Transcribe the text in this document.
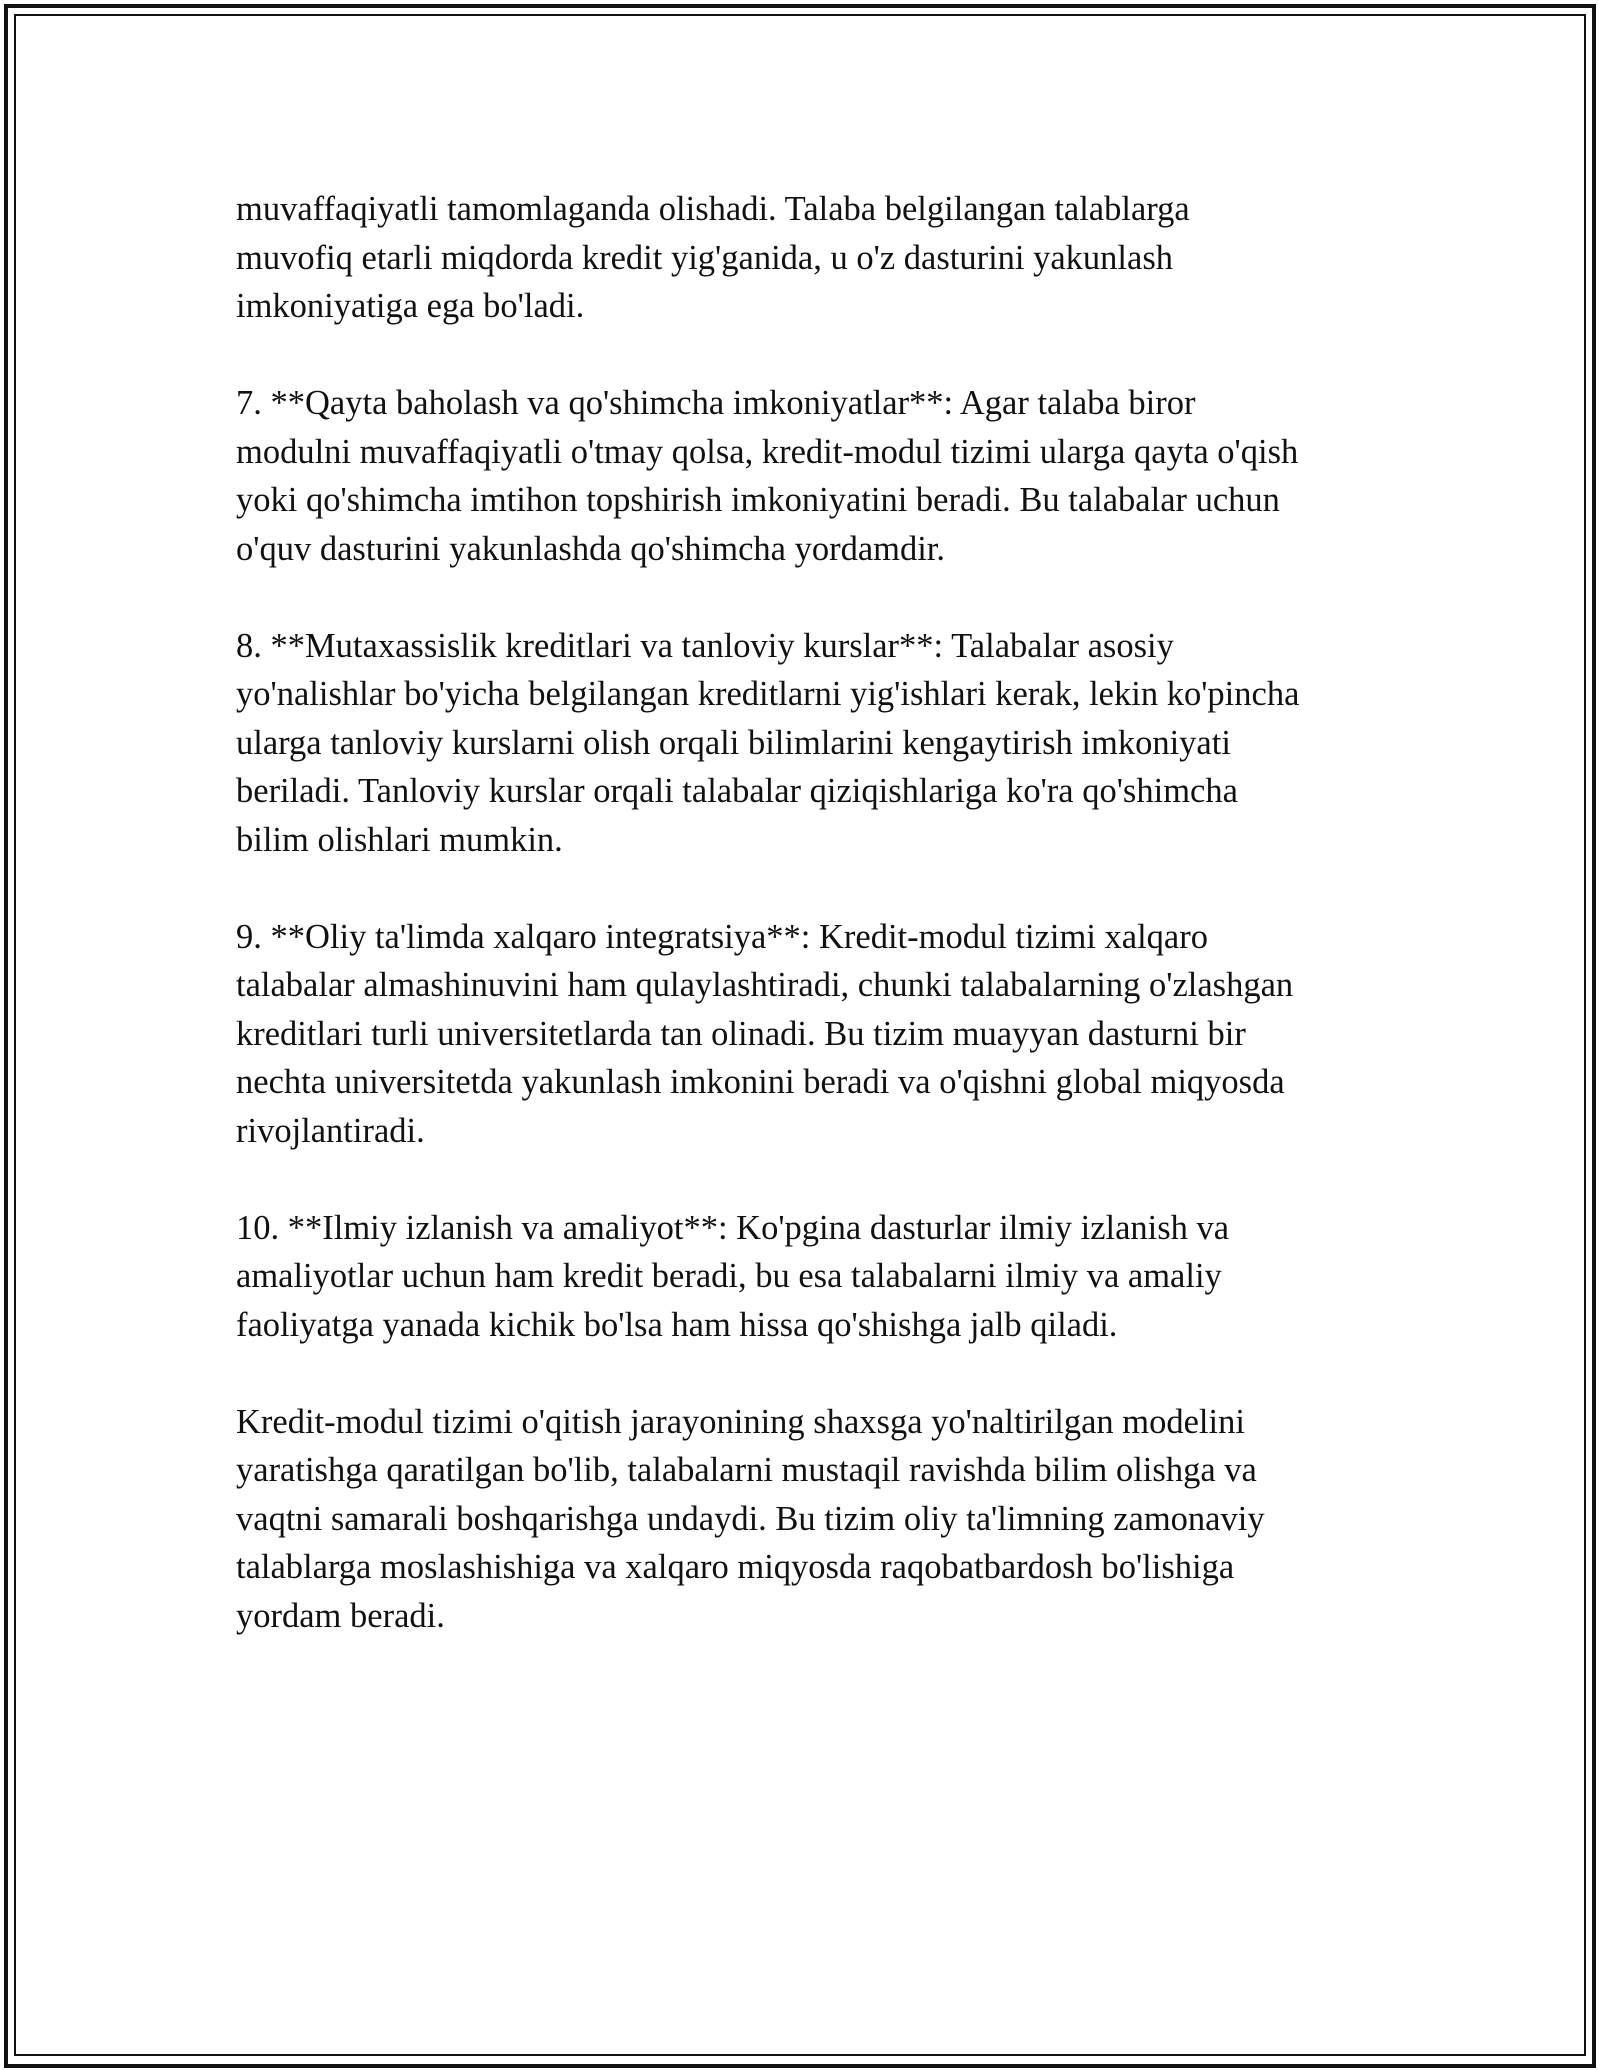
muvaffaqiyatli tamomlaganda olishadi. Talaba belgilangan talablarga
muvofiq etarli miqdorda kredit yig'ganida, u o'z dasturini yakunlash
imkoniyatiga ega bo'ladi.

7. **Qayta baholash va qo'shimcha imkoniyatlar**: Agar talaba biror
modulni muvaffaqiyatli o'tmay qolsa, kredit-modul tizimi ularga qayta o'qish
yoki qo'shimcha imtihon topshirish imkoniyatini beradi. Bu talabalar uchun
o'quv dasturini yakunlashda qo'shimcha yordamdir.

8. **Mutaxassislik kreditlari va tanloviy kurslar**: Talabalar asosiy
yo'nalishlar bo'yicha belgilangan kreditlarni yig'ishlari kerak, lekin ko'pincha
ularga tanloviy kurslarni olish orqali bilimlarini kengaytirish imkoniyati
beriladi. Tanloviy kurslar orqali talabalar qiziqishlariga ko'ra qo'shimcha
bilim olishlari mumkin.

9. **Oliy ta'limda xalqaro integratsiya**: Kredit-modul tizimi xalqaro
talabalar almashinuvini ham qulaylashtiradi, chunki talabalarning o'zlashgan
kreditlari turli universitetlarda tan olinadi. Bu tizim muayyan dasturni bir
nechta universitetda yakunlash imkonini beradi va o'qishni global miqyosda
rivojlantiradi.

10. **Ilmiy izlanish va amaliyot**: Ko'pgina dasturlar ilmiy izlanish va
amaliyotlar uchun ham kredit beradi, bu esa talabalarni ilmiy va amaliy
faoliyatga yanada kichik bo'lsa ham hissa qo'shishga jalb qiladi.

Kredit-modul tizimi o'qitish jarayonining shaxsga yo'naltirilgan modelini
yaratishga qaratilgan bo'lib, talabalarni mustaqil ravishda bilim olishga va
vaqtni samarali boshqarishga undaydi. Bu tizim oliy ta'limning zamonaviy
talablarga moslashishiga va xalqaro miqyosda raqobatbardosh bo'lishiga
yordam beradi.
